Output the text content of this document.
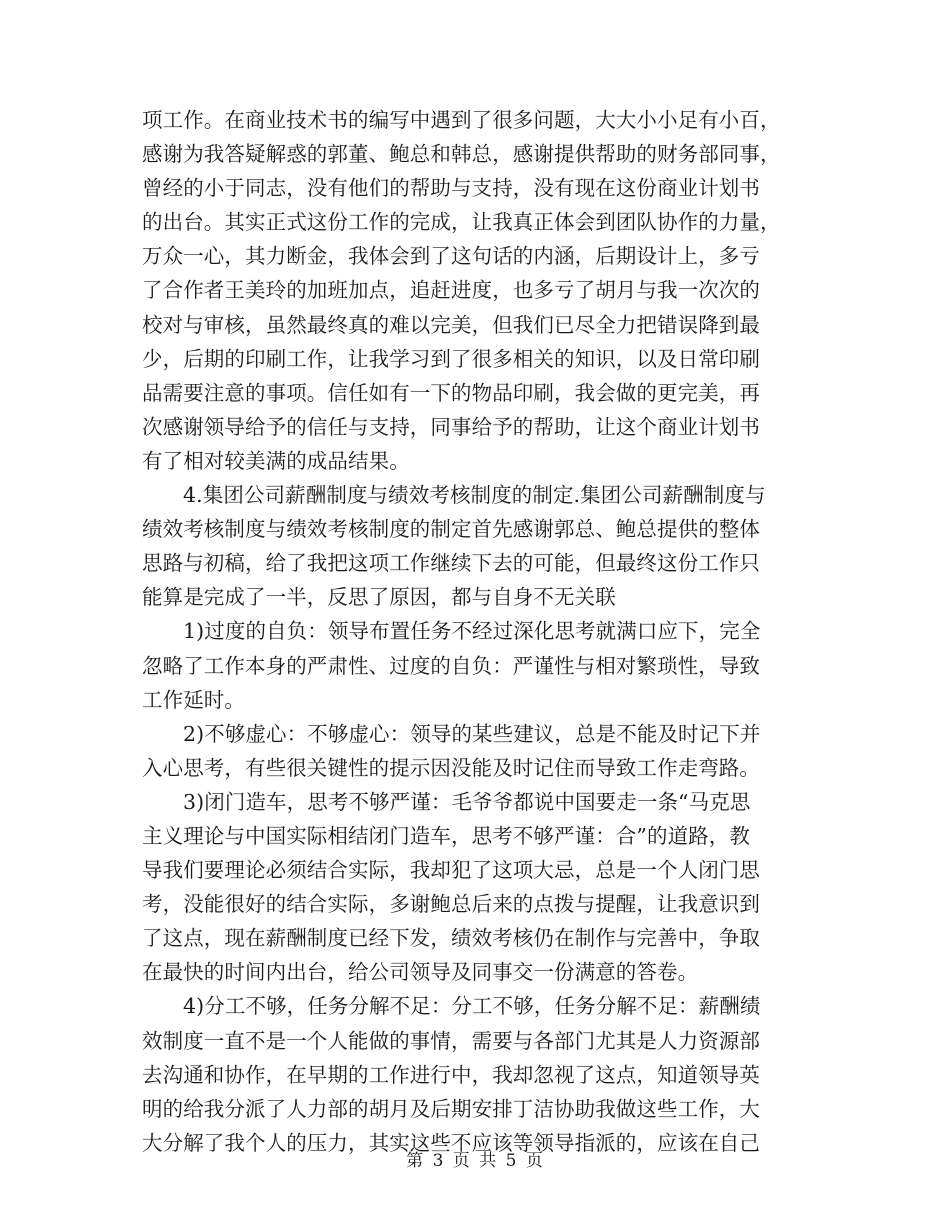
项工作。在商业技术书的编写中遇到了很多问题，大大小小足有小百，
感谢为我答疑解惑的郭董、鲍总和韩总，感谢提供帮助的财务部同事，
曾经的小于同志，没有他们的帮助与支持，没有现在这份商业计划书
的出台。其实正式这份工作的完成，让我真正体会到团队协作的力量，
万众一心，其力断金，我体会到了这句话的内涵，后期设计上，多亏
了合作者王美玲的加班加点，追赶进度，也多亏了胡月与我一次次的
校对与审核，虽然最终真的难以完美，但我们已尽全力把错误降到最
少，后期的印刷工作，让我学习到了很多相关的知识，以及日常印刷
品需要注意的事项。信任如有一下的物品印刷，我会做的更完美，再
次感谢领导给予的信任与支持，同事给予的帮助，让这个商业计划书
有了相对较美满的成品结果。
4.集团公司薪酬制度与绩效考核制度的制定.集团公司薪酬制度与
绩效考核制度与绩效考核制度的制定首先感谢郭总、鲍总提供的整体
思路与初稿，给了我把这项工作继续下去的可能，但最终这份工作只
能算是完成了一半，反思了原因，都与自身不无关联
1)过度的自负：领导布置任务不经过深化思考就满口应下，完全
忽略了工作本身的严肃性、过度的自负：严谨性与相对繁琐性，导致
工作延时。
2)不够虚心：不够虚心：领导的某些建议，总是不能及时记下并
入心思考，有些很关键性的提示因没能及时记住而导致工作走弯路。
3)闭门造车，思考不够严谨：毛爷爷都说中国要走一条“马克思
主义理论与中国实际相结闭门造车，思考不够严谨：合”的道路，教
导我们要理论必须结合实际，我却犯了这项大忌，总是一个人闭门思
考，没能很好的结合实际，多谢鲍总后来的点拨与提醒，让我意识到
了这点，现在薪酬制度已经下发，绩效考核仍在制作与完善中，争取
在最快的时间内出台，给公司领导及同事交一份满意的答卷。
4)分工不够，任务分解不足：分工不够，任务分解不足：薪酬绩
效制度一直不是一个人能做的事情，需要与各部门尤其是人力资源部
去沟通和协作，在早期的工作进行中，我却忽视了这点，知道领导英
明的给我分派了人力部的胡月及后期安排丁洁协助我做这些工作，大
大分解了我个人的压力，其实这些不应该等领导指派的，应该在自己
第 3 页 共 5 页
